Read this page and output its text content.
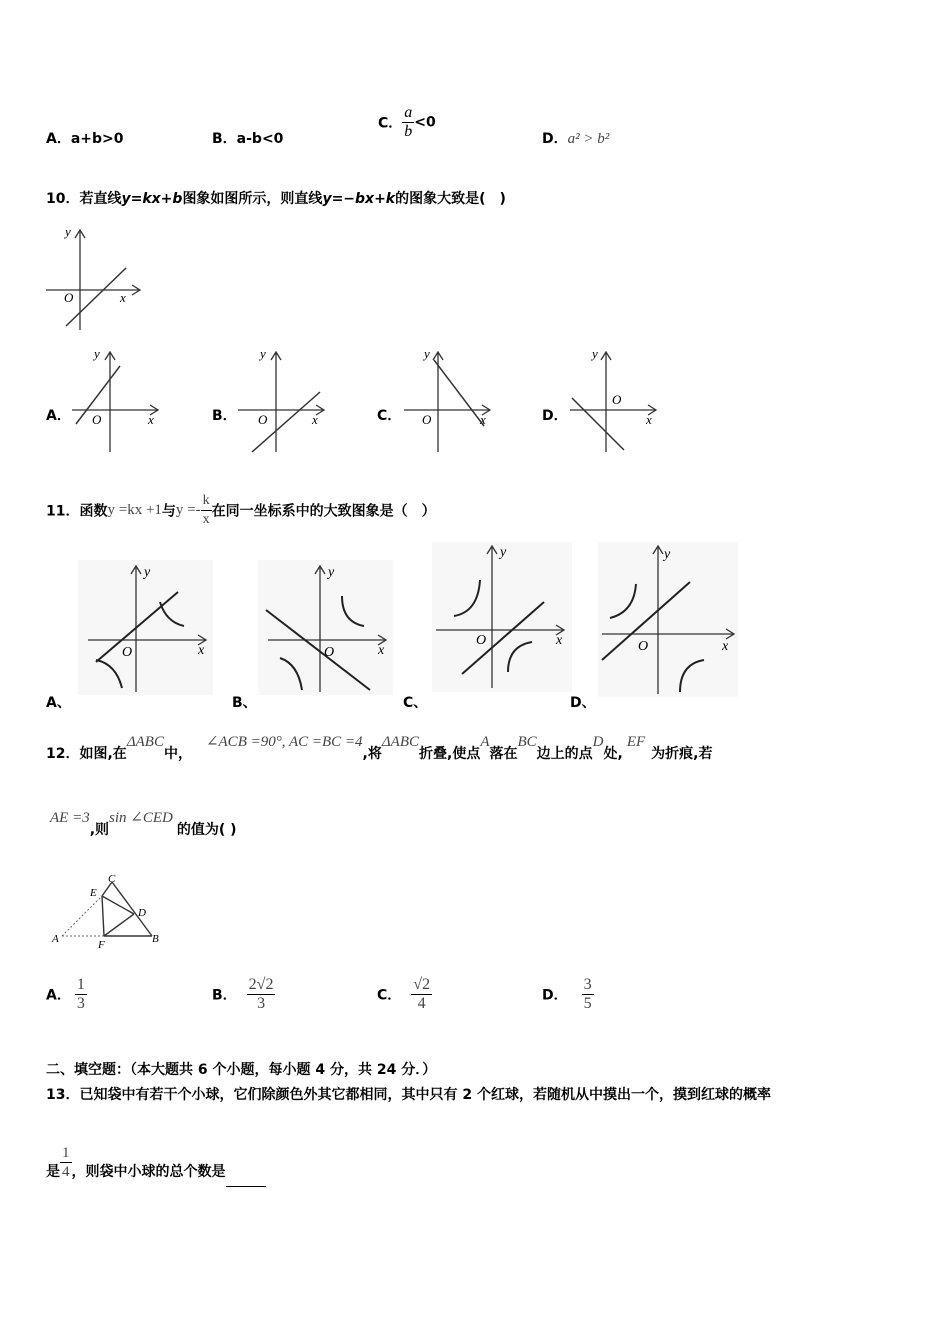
A．a+b>0	B．a-b<0
C． $\frac{a}{b} <0$
D．a² > b²
10．若直线y=kx+b图象如图所示，则直线y=−bx+k的图象大致是(　)
y
x
O
A．
y
x
O	B．
y
x
O	C．
y
x
O	D．
y
x
O
11．函数y =kx +1与$y =- \frac{k}{x}$ 在同一坐标系中的大致图象是（　）
y
x
O
A、
y
x
O
B、
y
x
O
C、
y
x
O
D、
12．如图,在ΔABC中，∠ACB =90°, AC =BC =4,将ΔABC折叠,使点A落在BC边上的点D处,EF为折痕,若
AE =3,则sin ∠CED的值为( )
C
E
D
A	F	B
A． $\frac{1}{3}$	B． $\frac{2√2}{3}$	C． $\frac{√2}{4}$	D． $\frac{3}{5}$
二、填空题：（本大题共 6 个小题，每小题 4 分，共 24 分．）
13．已知袋中有若干个小球，它们除颜色外其它都相同，其中只有 2 个红球，若随机从中摸出一个，摸到红球的概率
是 $\frac{1}{4}$ ，则袋中小球的总个数是
